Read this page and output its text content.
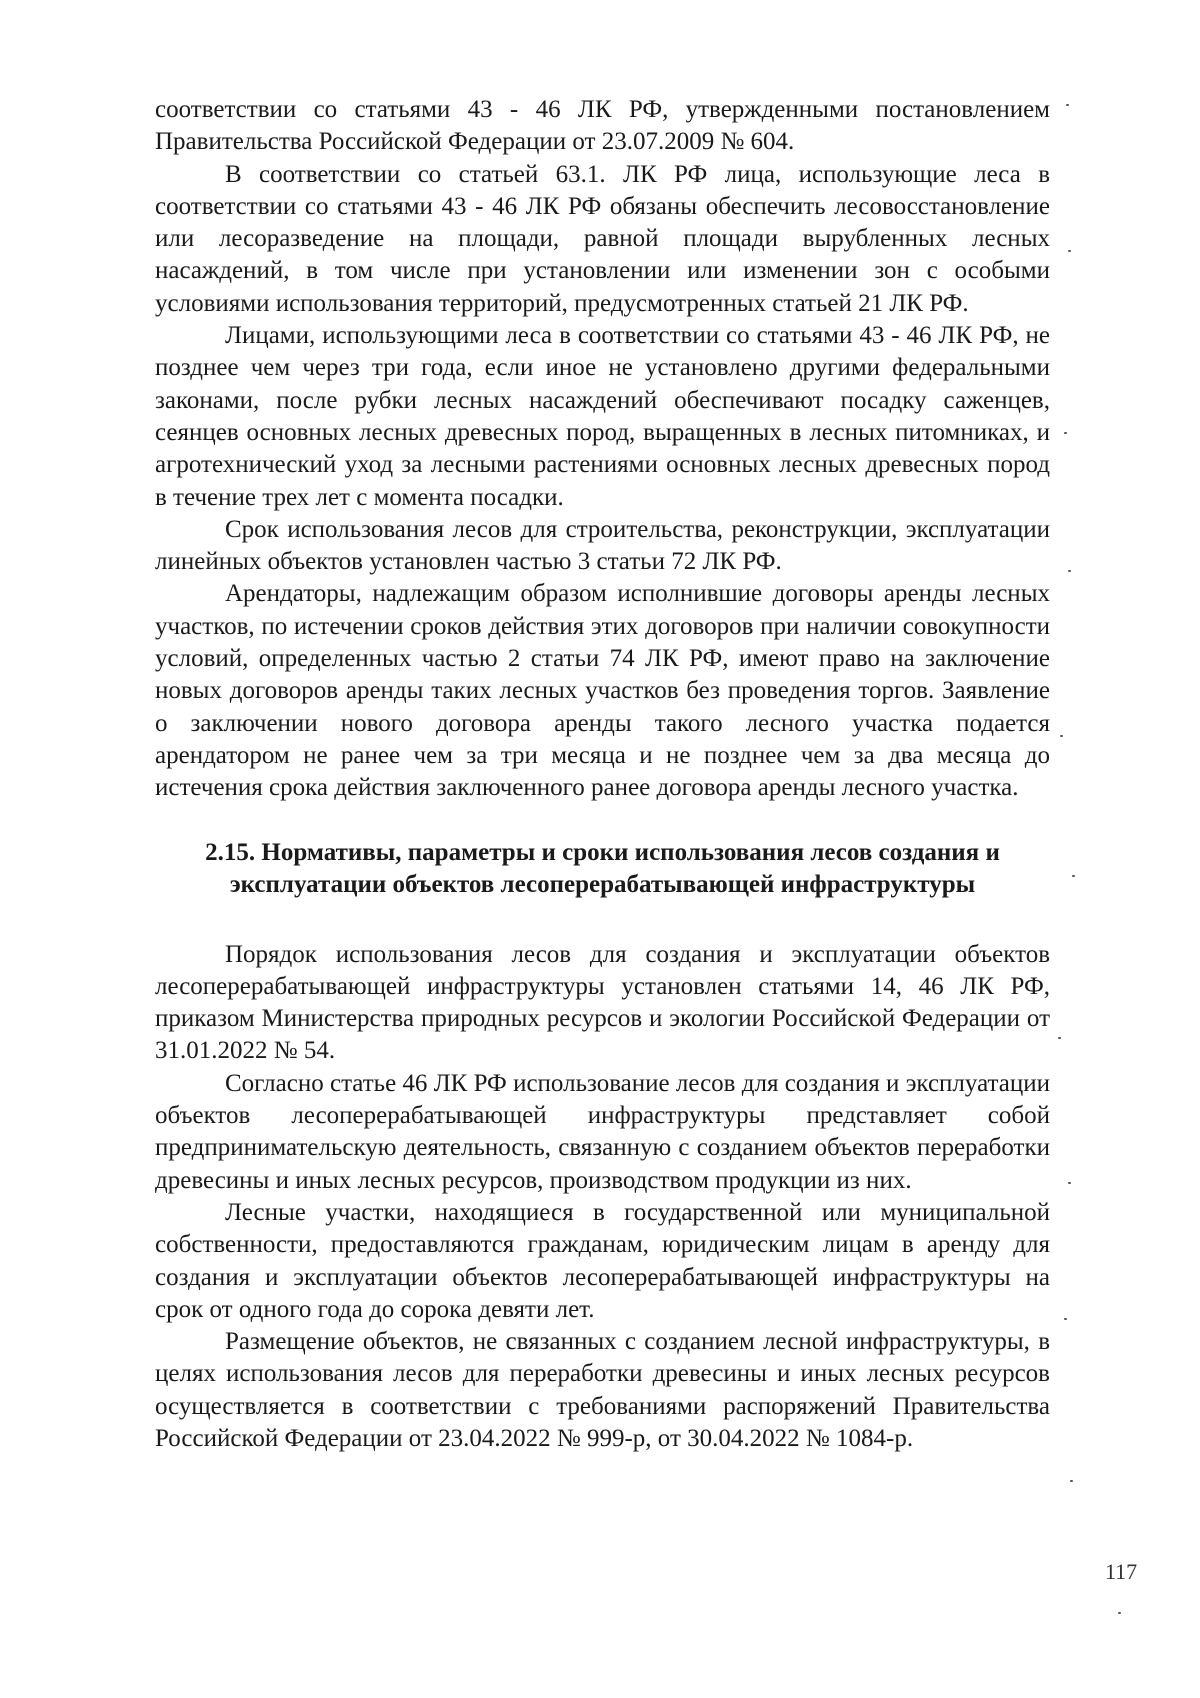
соответствии со статьями 43 - 46 ЛК РФ, утвержденными постановлением Правительства Российской Федерации от 23.07.2009 № 604.

В соответствии со статьей 63.1. ЛК РФ лица, использующие леса в соответствии со статьями 43 - 46 ЛК РФ обязаны обеспечить лесовосстановление или лесоразведение на площади, равной площади вырубленных лесных насаждений, в том числе при установлении или изменении зон с особыми условиями использования территорий, предусмотренных статьей 21 ЛК РФ.

Лицами, использующими леса в соответствии со статьями 43 - 46 ЛК РФ, не позднее чем через три года, если иное не установлено другими федеральными законами, после рубки лесных насаждений обеспечивают посадку саженцев, сеянцев основных лесных древесных пород, выращенных в лесных питомниках, и агротехнический уход за лесными растениями основных лесных древесных пород в течение трех лет с момента посадки.

Срок использования лесов для строительства, реконструкции, эксплуатации линейных объектов установлен частью 3 статьи 72 ЛК РФ.

Арендаторы, надлежащим образом исполнившие договоры аренды лесных участков, по истечении сроков действия этих договоров при наличии совокупности условий, определенных частью 2 статьи 74 ЛК РФ, имеют право на заключение новых договоров аренды таких лесных участков без проведения торгов. Заявление о заключении нового договора аренды такого лесного участка подается арендатором не ранее чем за три месяца и не позднее чем за два месяца до истечения срока действия заключенного ранее договора аренды лесного участка.

2.15. Нормативы, параметры и сроки использования лесов создания и эксплуатации объектов лесоперерабатывающей инфраструктуры

Порядок использования лесов для создания и эксплуатации объектов лесоперерабатывающей инфраструктуры установлен статьями 14, 46 ЛК РФ, приказом Министерства природных ресурсов и экологии Российской Федерации от 31.01.2022 № 54.

Согласно статье 46 ЛК РФ использование лесов для создания и эксплуатации объектов лесоперерабатывающей инфраструктуры представляет собой предпринимательскую деятельность, связанную с созданием объектов переработки древесины и иных лесных ресурсов, производством продукции из них.

Лесные участки, находящиеся в государственной или муниципальной собственности, предоставляются гражданам, юридическим лицам в аренду для создания и эксплуатации объектов лесоперерабатывающей инфраструктуры на срок от одного года до сорока девяти лет.

Размещение объектов, не связанных с созданием лесной инфраструктуры, в целях использования лесов для переработки древесины и иных лесных ресурсов осуществляется в соответствии с требованиями распоряжений Правительства Российской Федерации от 23.04.2022 № 999-р, от 30.04.2022 № 1084-р.

117
